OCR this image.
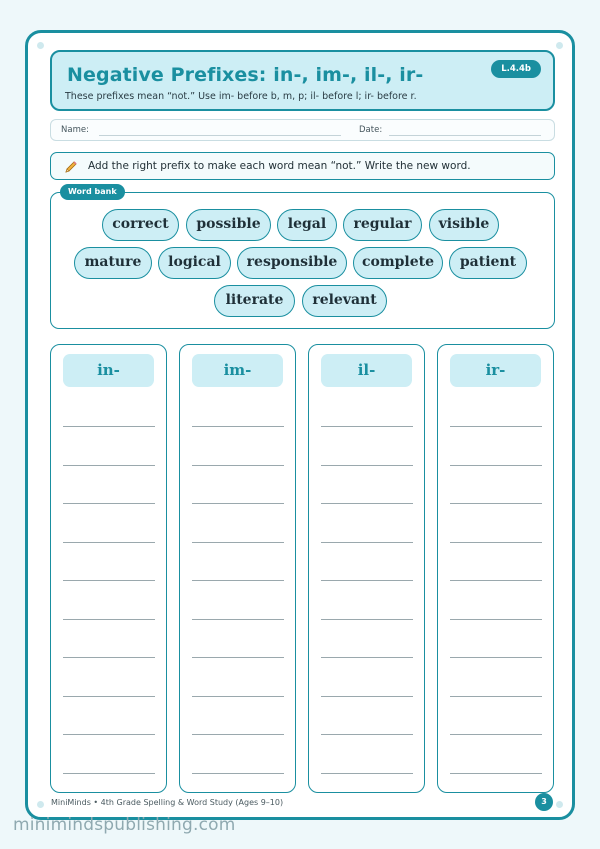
Negative Prefixes: in-, im-, il-, ir-
These prefixes mean “not.” Use im- before b, m, p; il- before l; ir- before r.
L.4.4b
Name:	Date:
Add the right prefix to make each word mean “not.” Write the new word.
Word bank
correct	possible	legal	regular	visible
mature	logical	responsible	complete	patient
literate	relevant
in-	im-	il-	ir-
MiniMinds • 4th Grade Spelling & Word Study (Ages 9–10)	3
minimindspublishing.com
